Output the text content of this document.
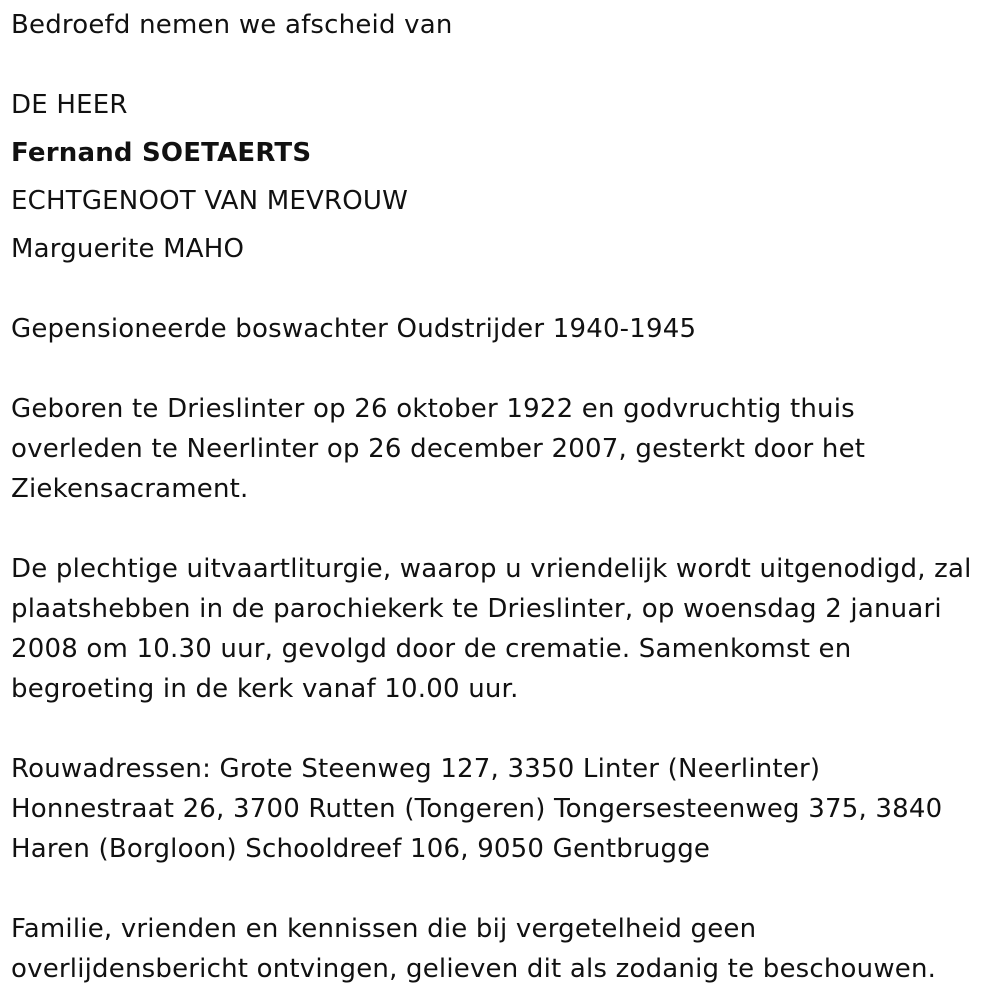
Bedroefd nemen we afscheid van
DE HEER
Fernand SOETAERTS
ECHTGENOOT VAN MEVROUW
Marguerite MAHO
Gepensioneerde boswachter Oudstrijder 1940-1945
Geboren te Drieslinter op 26 oktober 1922 en godvruchtig thuis
overleden te Neerlinter op 26 december 2007, gesterkt door het
Ziekensacrament.
De plechtige uitvaartliturgie, waarop u vriendelijk wordt uitgenodigd, zal
plaatshebben in de parochiekerk te Drieslinter, op woensdag 2 januari
2008 om 10.30 uur, gevolgd door de crematie. Samenkomst en
begroeting in de kerk vanaf 10.00 uur.
Rouwadressen: Grote Steenweg 127, 3350 Linter (Neerlinter)
Honnestraat 26, 3700 Rutten (Tongeren) Tongersesteenweg 375, 3840
Haren (Borgloon) Schooldreef 106, 9050 Gentbrugge
Familie, vrienden en kennissen die bij vergetelheid geen
overlijdensbericht ontvingen, gelieven dit als zodanig te beschouwen.
